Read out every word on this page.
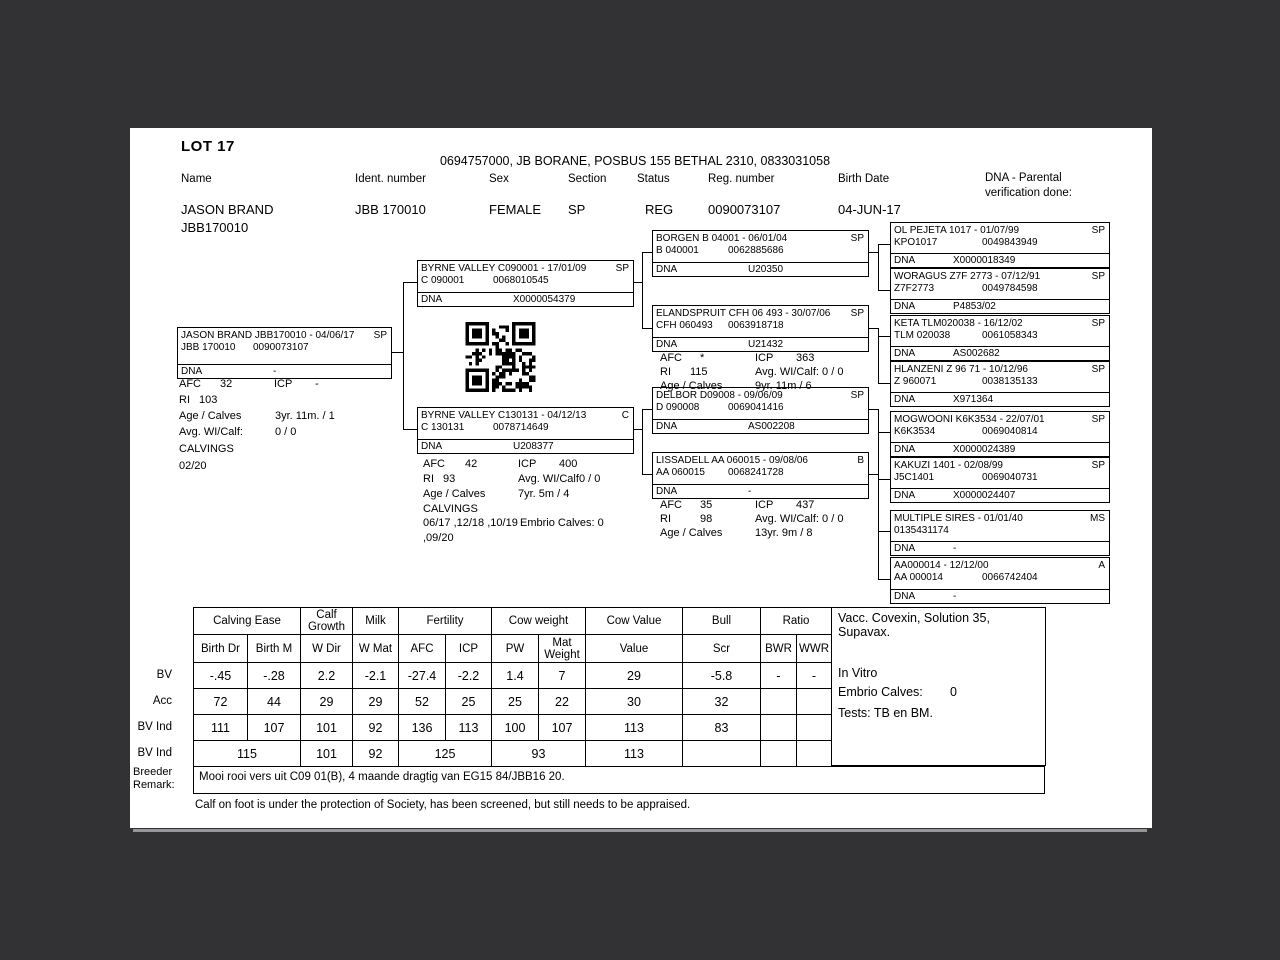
LOT 17
0694757000, JB BORANE, POSBUS 155 BETHAL 2310, 0833031058
Name	Ident. number	Sex	Section	Status	Reg. number	Birth Date	DNA - Parental
verification done:
JASON BRAND
JBB170010
JBB 170010	FEMALE SP	REG	0090073107	04-JUN-17
JASON BRAND JBB170010 - 04/06/17 SP
JBB 170010 0090073107
DNA	-
BYRNE VALLEY C090001 - 17/01/09	SP
C 090001	0068010545
DNA	X0000054379
BYRNE VALLEY C130131 - 04/12/13	C
C 130131	0078714649
DNA	U208377
BORGEN B 04001 - 06/01/04	SP
B 040001	0062885686
DNA	U20350
ELANDSPRUIT CFH 06 493 - 30/07/06 SP
CFH 060493 0063918718
DNA	U21432
DELBOR D09008 - 09/06/09	SP
D 090008	0069041416
DNA	AS002208
LISSADELL AA 060015 - 09/08/06	B
AA 060015 0068241728
DNA	-
OL PEJETA 1017 - 01/07/99	SP
KPO1017	0049843949
DNA	X0000018349
WORAGUS Z7F 2773 - 07/12/91	SP
Z7F2773	0049784598
DNA	P4853/02
KETA TLM020038 - 16/12/02	SP
TLM 020038	0061058343
DNA	AS002682
HLANZENI Z 96 71 - 10/12/96	SP
Z 960071	0038135133
DNA	X971364
MOGWOONI K6K3534 - 22/07/01	SP
K6K3534	0069040814
DNA	X0000024389
KAKUZI 1401 - 02/08/99	SP
J5C1401	0069040731
DNA	X0000024407
MULTIPLE SIRES - 01/01/40	MS
0135431174
DNA	-
AA000014 - 12/12/00	A
AA 000014	0066742404
DNA	-
AFC 32	ICP -
RI 103
Age / Calves	3yr. 11m. / 1
Avg. WI/Calf:	0 / 0
CALVINGS
02/20	AFC 42	ICP 400
RI 93	Avg. WI/Calf0 / 0
Age / Calves	7yr. 5m / 4
CALVINGS
06/17 ,12/18 ,10/19 Embrio Calves: 0
,09/20
AFC *	ICP 363
RI 115	Avg. WI/Calf: 0 / 0
Age / Calves	9yr. 11m / 6
AFC 35	ICP 437
RI	98	Avg. WI/Calf: 0 / 0
Age / Calves	13yr. 9m / 8
BV
Acc
BV Ind
BV Ind
Calving Ease		Calf Growth	Milk	Fertility		Cow weight		Cow Value	Bull	Ratio	
Birth Dr	Birth M	W Dir	W Mat	AFC	ICP	PW	Mat Weight	Value	Scr	BWR	WWR
-.45	-.28	2.2	-2.1	-27.4	-2.2	1.4	7	29	-5.8	-	-
72	44	29	29	52	25	25	22	30	32		
111	107	101	92	136	113	100	107	113	83		
115		101	92	125		93		113			
Vacc. Covexin, Solution 35, Supavax.
In Vitro
Embrio Calves: 0
Tests: TB en BM.
Breeder
Remark:
Mooi rooi vers uit C09 01(B), 4 maande dragtig van EG15 84/JBB16 20.
Calf on foot is under the protection of Society, has been screened, but still needs to be appraised.
